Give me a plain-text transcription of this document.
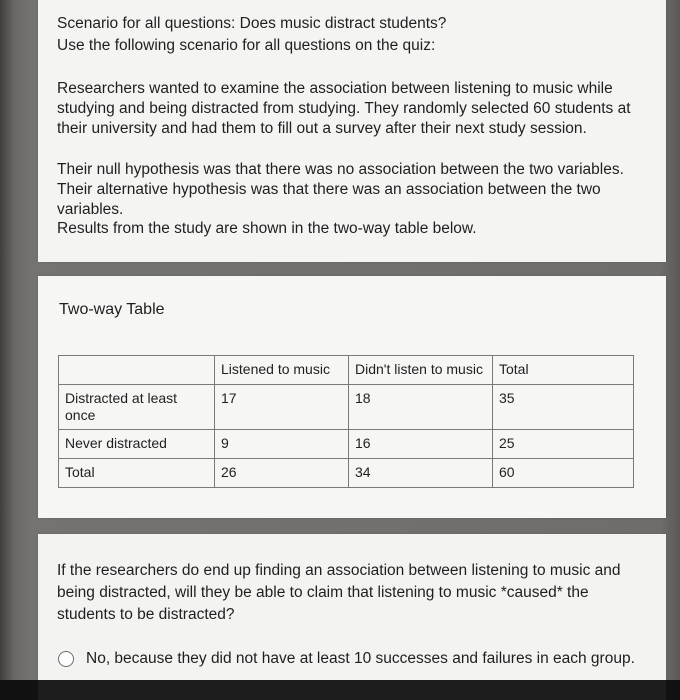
Scenario for all questions: Does music distract students?

Use the following scenario for all questions on the quiz:

Researchers wanted to examine the association between listening to music while studying and being distracted from studying. They randomly selected 60 students at their university and had them to fill out a survey after their next study session.

Their null hypothesis was that there was no association between the two variables. Their alternative hypothesis was that there was an association between the two variables.

Results from the study are shown in the two-way table below.

Two-way Table
	Listened to music	Didn't listen to music	Total
Distracted at least once	17	18	35
Never distracted	9	16	25
Total	26	34	60
If the researchers do end up finding an association between listening to music and being distracted, will they be able to claim that listening to music *caused* the students to be distracted?
No, because they did not have at least 10 successes and failures in each group.
